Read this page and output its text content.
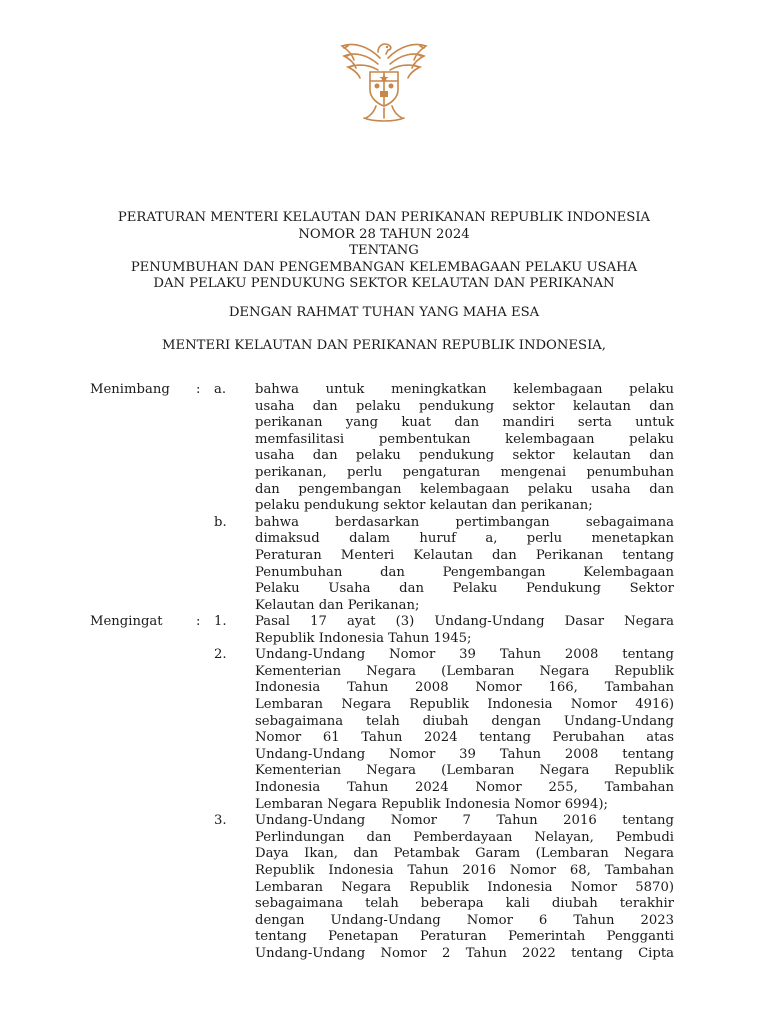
PERATURAN MENTERI KELAUTAN DAN PERIKANAN REPUBLIK INDONESIA
NOMOR 28 TAHUN 2024
TENTANG
PENUMBUHAN DAN PENGEMBANGAN KELEMBAGAAN PELAKU USAHA
DAN PELAKU PENDUKUNG SEKTOR KELAUTAN DAN PERIKANAN
DENGAN RAHMAT TUHAN YANG MAHA ESA
MENTERI KELAUTAN DAN PERIKANAN REPUBLIK INDONESIA,
Menimbang	:	a.	bahwa untuk meningkatkan kelembagaan pelaku
usaha dan pelaku pendukung sektor kelautan dan
perikanan yang kuat dan mandiri serta untuk
memfasilitasi pembentukan kelembagaan pelaku
usaha dan pelaku pendukung sektor kelautan dan
perikanan, perlu pengaturan mengenai penumbuhan
dan pengembangan kelembagaan pelaku usaha dan
pelaku pendukung sektor kelautan dan perikanan;
b.	bahwa berdasarkan pertimbangan sebagaimana
dimaksud dalam huruf a, perlu menetapkan
Peraturan Menteri Kelautan dan Perikanan tentang
Penumbuhan dan Pengembangan Kelembagaan
Pelaku Usaha dan Pelaku Pendukung Sektor
Kelautan dan Perikanan;
Mengingat	:	1.	Pasal 17 ayat (3) Undang-Undang Dasar Negara
Republik Indonesia Tahun 1945;
2.	Undang-Undang Nomor 39 Tahun 2008 tentang
Kementerian Negara (Lembaran Negara Republik
Indonesia Tahun 2008 Nomor 166, Tambahan
Lembaran Negara Republik Indonesia Nomor 4916)
sebagaimana telah diubah dengan Undang-Undang
Nomor 61 Tahun 2024 tentang Perubahan atas
Undang-Undang Nomor 39 Tahun 2008 tentang
Kementerian Negara (Lembaran Negara Republik
Indonesia Tahun 2024 Nomor 255, Tambahan
Lembaran Negara Republik Indonesia Nomor 6994);
3.	Undang-Undang Nomor 7 Tahun 2016 tentang
Perlindungan dan Pemberdayaan Nelayan, Pembudi
Daya Ikan, dan Petambak Garam (Lembaran Negara
Republik Indonesia Tahun 2016 Nomor 68, Tambahan
Lembaran Negara Republik Indonesia Nomor 5870)
sebagaimana telah beberapa kali diubah terakhir
dengan Undang-Undang Nomor 6 Tahun 2023
tentang Penetapan Peraturan Pemerintah Pengganti
Undang-Undang Nomor 2 Tahun 2022 tentang Cipta
